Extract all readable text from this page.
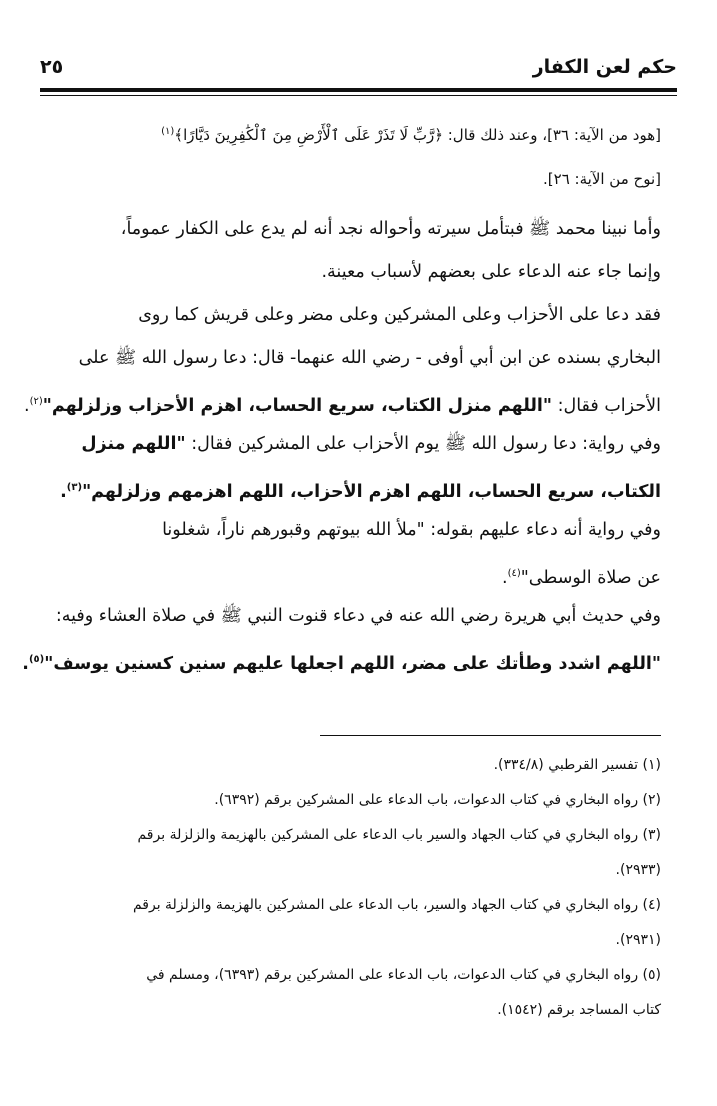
حكم لعن الكفار
٢٥
[هود من الآية: ٣٦]، وعند ذلك قال: ﴿رَّبِّ لَا تَذَرْ عَلَى ٱلْأَرْضِ مِنَ ٱلْكَٰفِرِينَ دَيَّارًا﴾$^{(١)}$
[نوح من الآية: ٢٦].
وأما نبينا محمد ﷺ فبتأمل سيرته وأحواله نجد أنه لم يدع على الكفار عموماً،
وإنما جاء عنه الدعاء على بعضهم لأسباب معينة.
فقد دعا على الأحزاب وعلى المشركين وعلى مضر وعلى قريش كما روى
البخاري بسنده عن ابن أبي أوفى - رضي الله عنهما- قال: دعا رسول الله ﷺ على
الأحزاب فقال: "اللهم منزل الكتاب، سريع الحساب، اهزم الأحزاب وزلزلهم"$^{(٢)}$.
وفي رواية: دعا رسول الله ﷺ يوم الأحزاب على المشركين فقال: "اللهم منزل
الكتاب، سريع الحساب، اللهم اهزم الأحزاب، اللهم اهزمهم وزلزلهم"$^{(٣)}$.
وفي رواية أنه دعاء عليهم بقوله: "ملأ الله بيوتهم وقبورهم ناراً، شغلونا
عن صلاة الوسطى"$^{(٤)}$.
وفي حديث أبي هريرة رضي الله عنه في دعاء قنوت النبي ﷺ في صلاة العشاء وفيه:
"اللهم اشدد وطأتك على مضر، اللهم اجعلها عليهم سنين كسنين يوسف"$^{(٥)}$.
(١) تفسير القرطبي (٣٣٤/٨).
(٢) رواه البخاري في كتاب الدعوات، باب الدعاء على المشركين برقم (٦٣٩٢).
(٣) رواه البخاري في كتاب الجهاد والسير باب الدعاء على المشركين بالهزيمة والزلزلة برقم
(٢٩٣٣).
(٤) رواه البخاري في كتاب الجهاد والسير، باب الدعاء على المشركين بالهزيمة والزلزلة برقم
(٢٩٣١).
(٥) رواه البخاري في كتاب الدعوات، باب الدعاء على المشركين برقم (٦٣٩٣)، ومسلم في
كتاب المساجد برقم (١٥٤٢).
